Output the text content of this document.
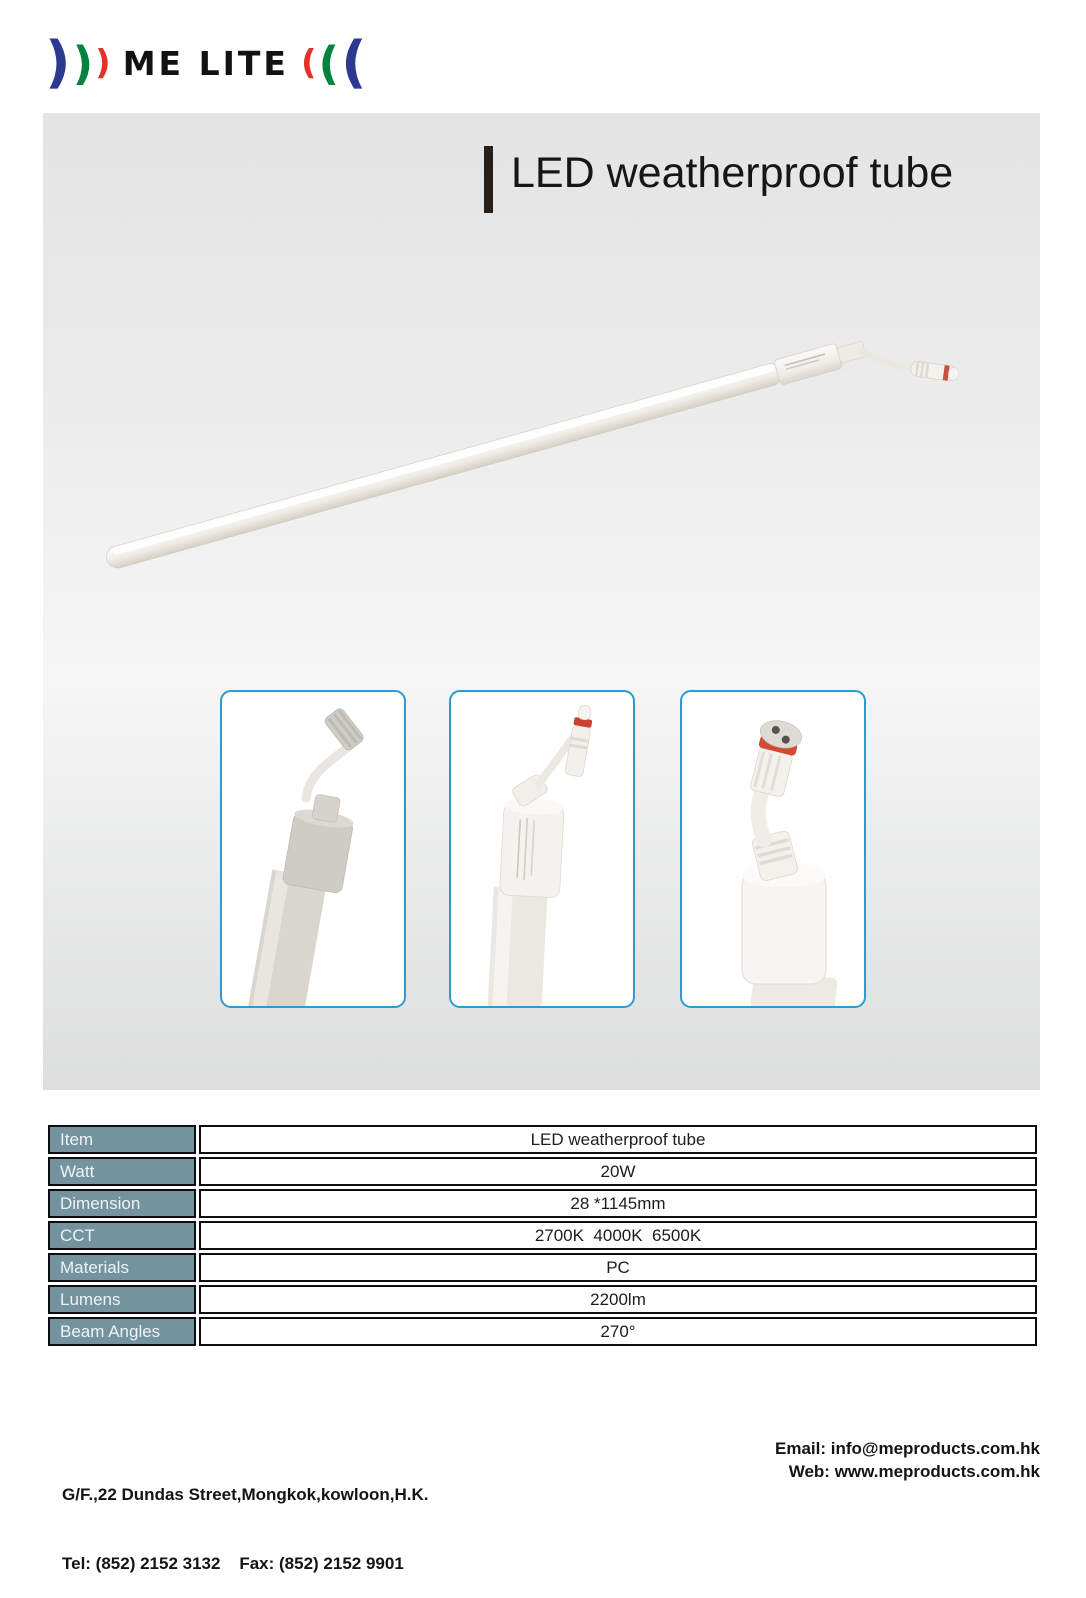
) ) ) ME LITE ( ( (
LED weatherproof tube
Item	LED weatherproof tube
Watt	20W
Dimension	28 *1145mm
CCT	2700K  4000K  6500K
Materials	PC
Lumens	2200lm
Beam Angles	270°

G/F.,22 Dundas Street,Mongkok,kowloon,H.K.

Tel: (852) 2152 3132    Fax: (852) 2152 9901

Email: info@meproducts.com.hk
Web: www.meproducts.com.hk
